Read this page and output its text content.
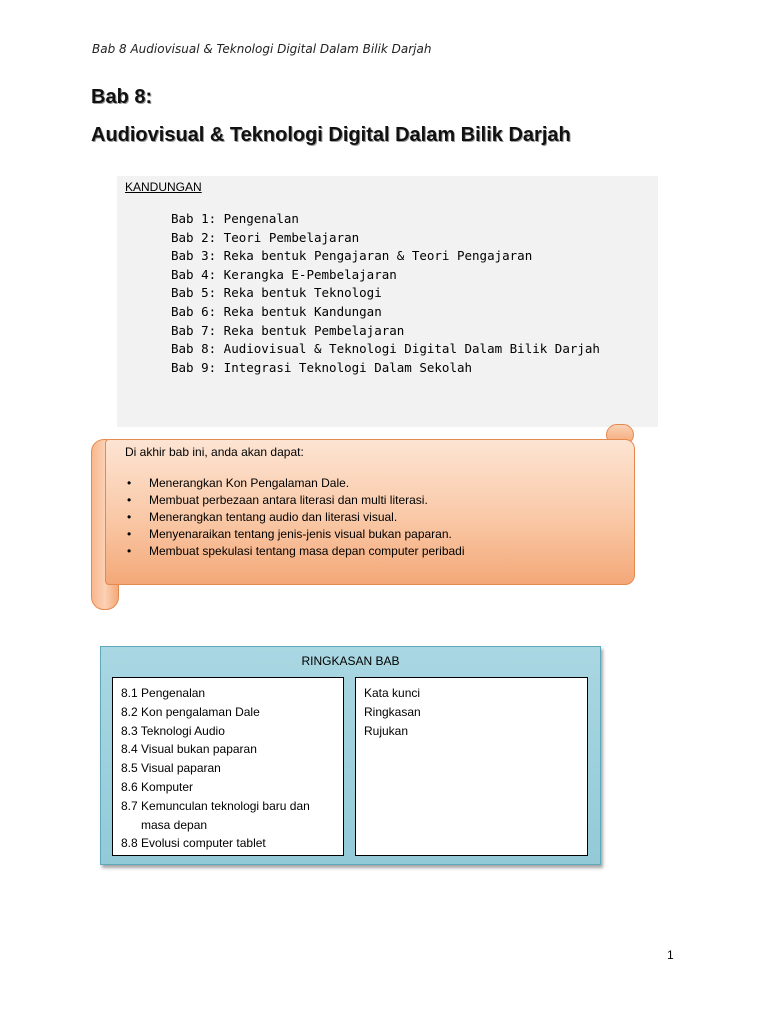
Bab 8 Audiovisual & Teknologi Digital Dalam Bilik Darjah
Bab 8:
Audiovisual & Teknologi Digital Dalam Bilik Darjah
KANDUNGAN
Bab 1: Pengenalan
Bab 2: Teori Pembelajaran
Bab 3: Reka bentuk Pengajaran & Teori Pengajaran
Bab 4: Kerangka E-Pembelajaran
Bab 5: Reka bentuk Teknologi
Bab 6: Reka bentuk Kandungan
Bab 7: Reka bentuk Pembelajaran
Bab 8: Audiovisual & Teknologi Digital Dalam Bilik Darjah
Bab 9: Integrasi Teknologi Dalam Sekolah

Di akhir bab ini, anda akan dapat:

• Menerangkan Kon Pengalaman Dale.
• Membuat perbezaan antara literasi dan multi literasi.
• Menerangkan tentang audio dan literasi visual.
• Menyenaraikan tentang jenis-jenis visual bukan paparan.
• Membuat spekulasi tentang masa depan computer peribadi
RINGKASAN BAB
8.1 Pengenalan
8.2 Kon pengalaman Dale
8.3 Teknologi Audio
8.4 Visual bukan paparan
8.5 Visual paparan
8.6 Komputer
8.7 Kemunculan teknologi baru dan
masa depan
8.8 Evolusi computer tablet
Kata kunci
Ringkasan
Rujukan
1
